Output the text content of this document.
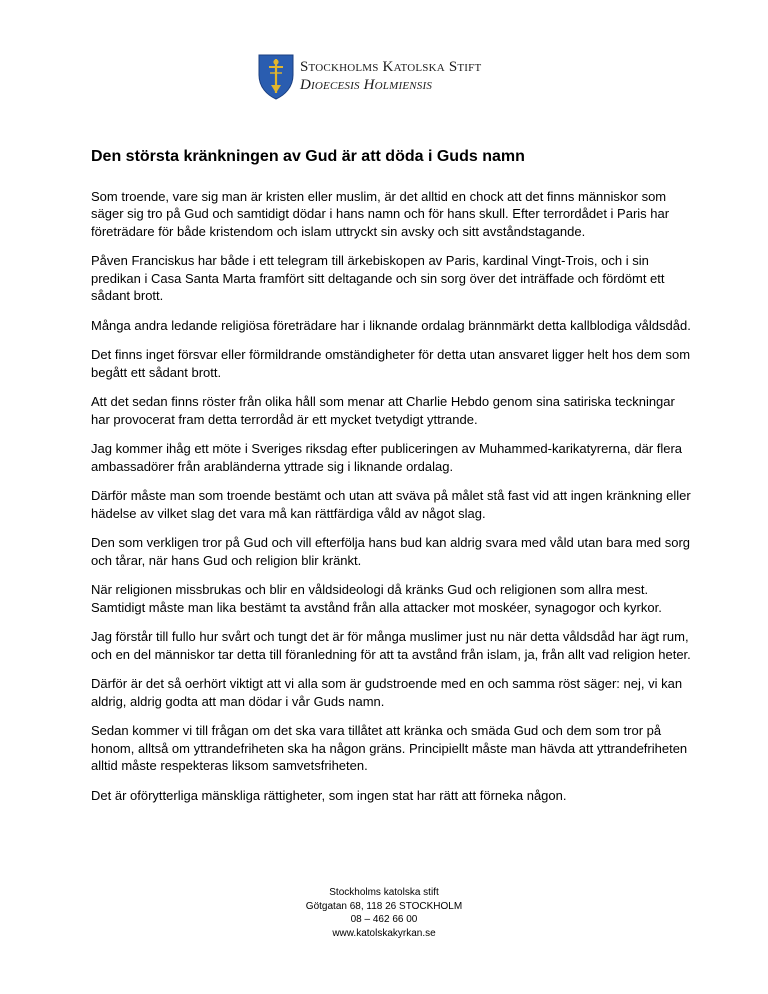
Stockholms Katolska Stift
Dioecesis Holmiensis
Den största kränkningen av Gud är att döda i Guds namn

Som troende, vare sig man är kristen eller muslim, är det alltid en chock att det finns människor som säger sig tro på Gud och samtidigt dödar i hans namn och för hans skull. Efter terrordådet i Paris har företrädare för både kristendom och islam uttryckt sin avsky och sitt avståndstagande.

Påven Franciskus har både i ett telegram till ärkebiskopen av Paris, kardinal Vingt-Trois, och i sin predikan i Casa Santa Marta framfört sitt deltagande och sin sorg över det inträffade och fördömt ett sådant brott.

Många andra ledande religiösa företrädare har i liknande ordalag brännmärkt detta kallblodiga våldsdåd.

Det finns inget försvar eller förmildrande omständigheter för detta utan ansvaret ligger helt hos dem som begått ett sådant brott.

Att det sedan finns röster från olika håll som menar att Charlie Hebdo genom sina satiriska teckningar har provocerat fram detta terrordåd är ett mycket tvetydigt yttrande.

Jag kommer ihåg ett möte i Sveriges riksdag efter publiceringen av Muhammed-karikatyrerna, där flera ambassadörer från arabländerna yttrade sig i liknande ordalag.

Därför måste man som troende bestämt och utan att sväva på målet stå fast vid att ingen kränkning eller hädelse av vilket slag det vara må kan rättfärdiga våld av något slag.

Den som verkligen tror på Gud och vill efterfölja hans bud kan aldrig svara med våld utan bara med sorg och tårar, när hans Gud och religion blir kränkt.

När religionen missbrukas och blir en våldsideologi då kränks Gud och religionen som allra mest. Samtidigt måste man lika bestämt ta avstånd från alla attacker mot moskéer, synagogor och kyrkor.

Jag förstår till fullo hur svårt och tungt det är för många muslimer just nu när detta våldsdåd har ägt rum, och en del människor tar detta till föranledning för att ta avstånd från islam, ja, från allt vad religion heter.

Därför är det så oerhört viktigt att vi alla som är gudstroende med en och samma röst säger: nej, vi kan aldrig, aldrig godta att man dödar i vår Guds namn.

Sedan kommer vi till frågan om det ska vara tillåtet att kränka och smäda Gud och dem som tror på honom, alltså om yttrandefriheten ska ha någon gräns. Principiellt måste man hävda att yttrandefriheten alltid måste respekteras liksom samvetsfriheten.

Det är oförytterliga mänskliga rättigheter, som ingen stat har rätt att förneka någon.

Stockholms katolska stift
Götgatan 68, 118 26 STOCKHOLM
08 – 462 66 00
www.katolskakyrkan.se
